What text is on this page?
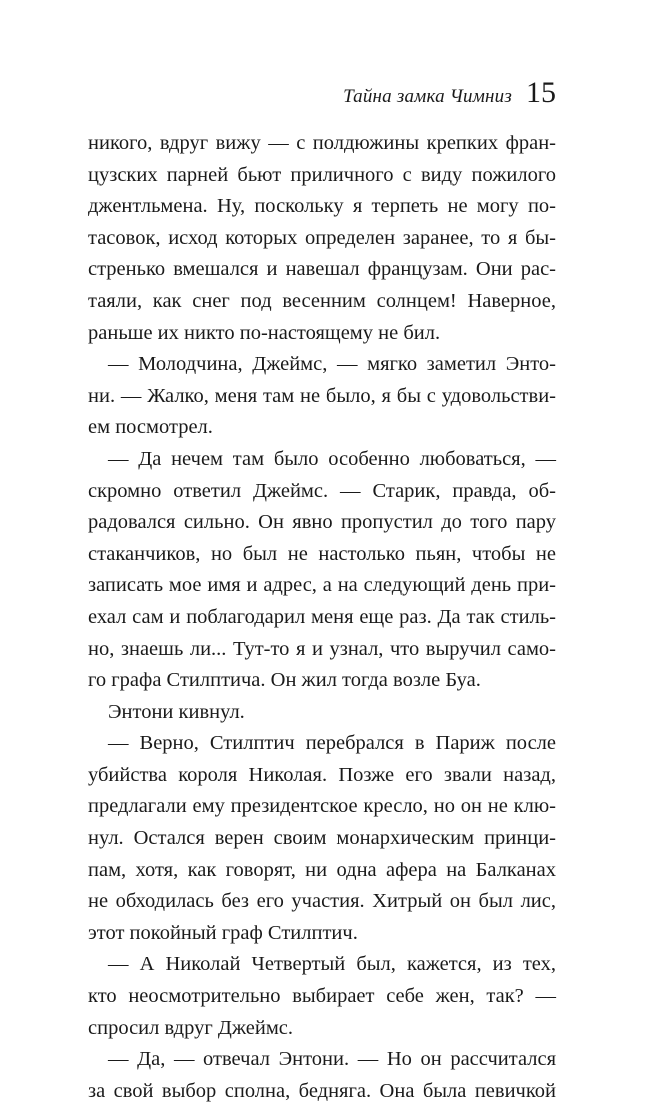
Тайна замка Чимниз 15
никого, вдруг вижу — с полдюжины крепких фран-
цузских парней бьют приличного с виду пожилого
джентльмена. Ну, поскольку я терпеть не могу по-
тасовок, исход которых определен заранее, то я бы-
стренько вмешался и навешал французам. Они рас-
таяли, как снег под весенним солнцем! Наверное,
раньше их никто по-настоящему не бил.
— Молодчина, Джеймс, — мягко заметил Энто-
ни. — Жалко, меня там не было, я бы с удовольстви-
ем посмотрел.
— Да нечем там было особенно любоваться, —
скромно ответил Джеймс. — Старик, правда, об-
радовался сильно. Он явно пропустил до того пару
стаканчиков, но был не настолько пьян, чтобы не
записать мое имя и адрес, а на следующий день при-
ехал сам и поблагодарил меня еще раз. Да так стиль-
но, знаешь ли... Тут-то я и узнал, что выручил само-
го графа Стилптича. Он жил тогда возле Буа.
Энтони кивнул.
— Верно, Стилптич перебрался в Париж после
убийства короля Николая. Позже его звали назад,
предлагали ему президентское кресло, но он не клю-
нул. Остался верен своим монархическим принци-
пам, хотя, как говорят, ни одна афера на Балканах
не обходилась без его участия. Хитрый он был лис,
этот покойный граф Стилптич.
— А Николай Четвертый был, кажется, из тех,
кто неосмотрительно выбирает себе жен, так? —
спросил вдруг Джеймс.
— Да, — отвечал Энтони. — Но он рассчитался
за свой выбор сполна, бедняга. Она была певичкой
